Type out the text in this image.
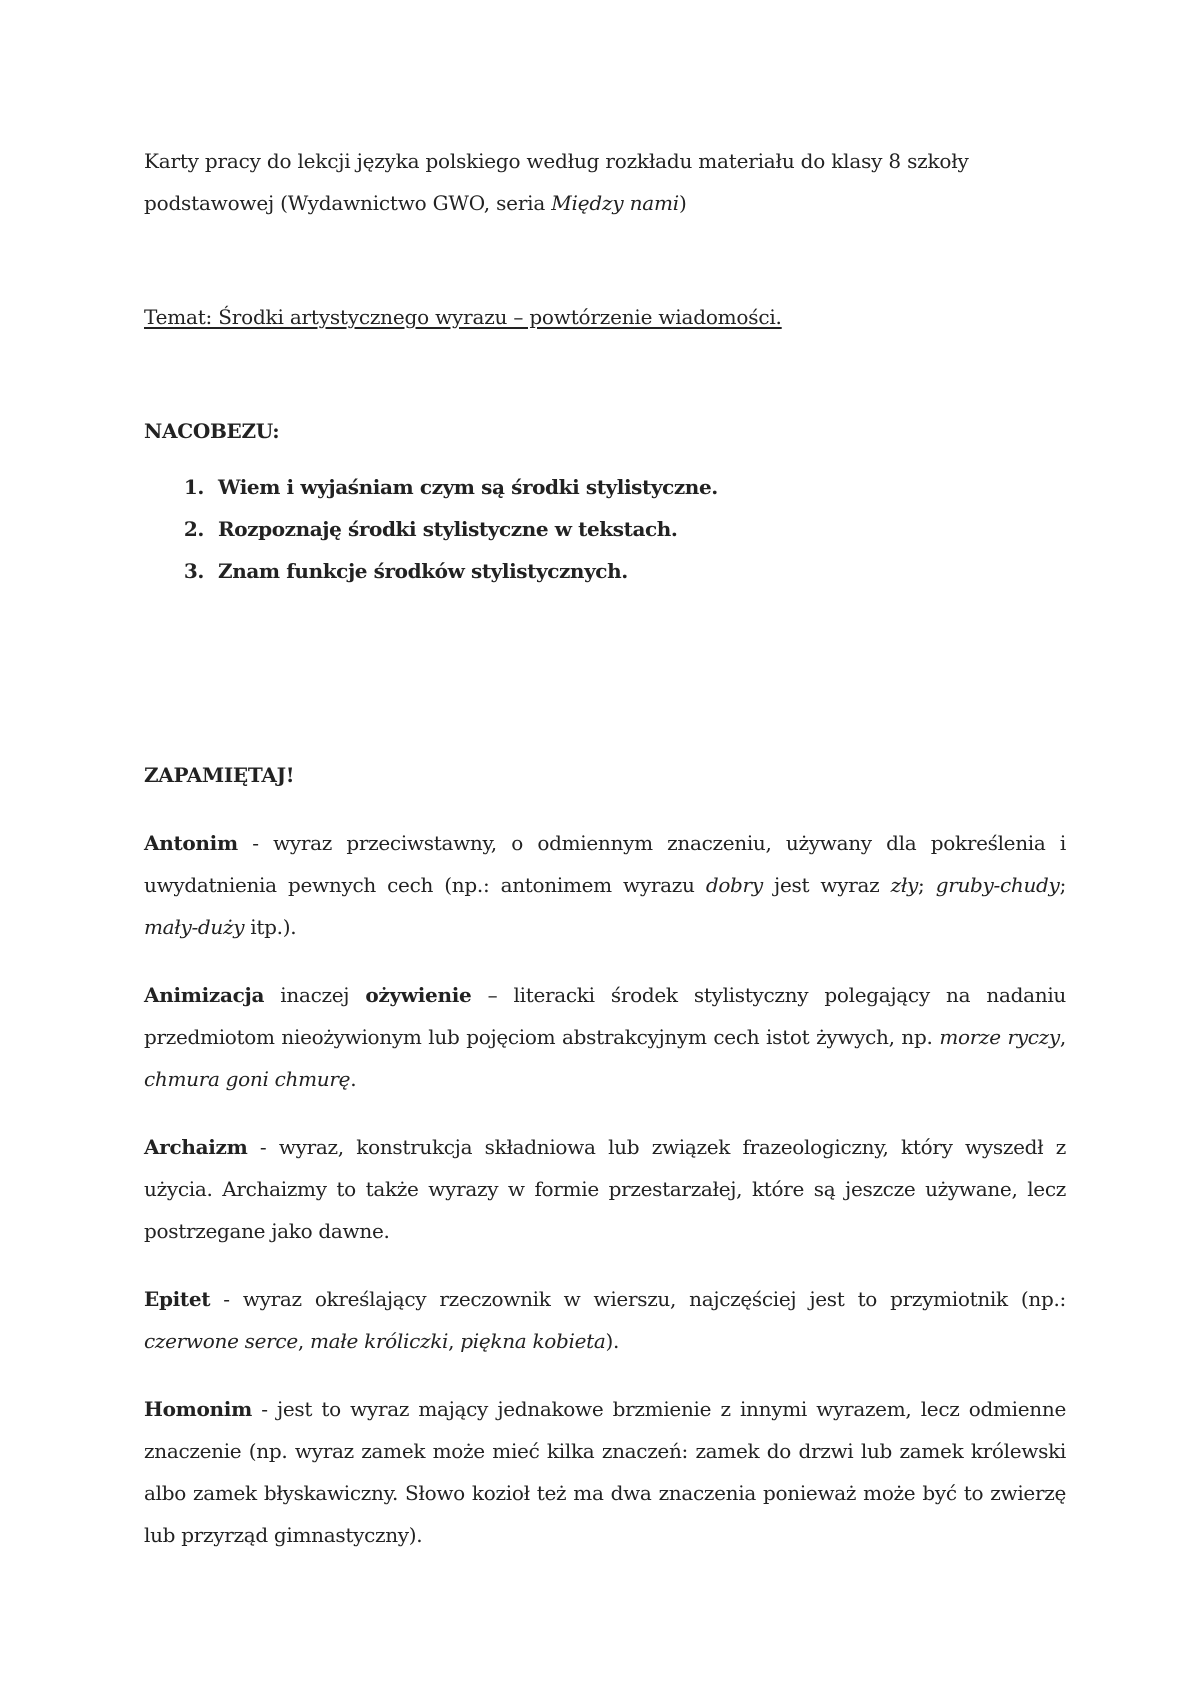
Karty pracy do lekcji języka polskiego według rozkładu materiału do klasy 8 szkoły podstawowej (Wydawnictwo GWO, seria Między nami)

Temat: Środki artystycznego wyrazu – powtórzenie wiadomości.

NACOBEZU:

1. Wiem i wyjaśniam czym są środki stylistyczne.
2. Rozpoznaję środki stylistyczne w tekstach.
3. Znam funkcje środków stylistycznych.

ZAPAMIĘTAJ!

Antonim - wyraz przeciwstawny, o odmiennym znaczeniu, używany dla pokreślenia i uwydatnienia pewnych cech (np.: antonimem wyrazu dobry jest wyraz zły; gruby-chudy; mały-duży itp.).

Animizacja inaczej ożywienie – literacki środek stylistyczny polegający na nadaniu przedmiotom nieożywionym lub pojęciom abstrakcyjnym cech istot żywych, np. morze ryczy, chmura goni chmurę.

Archaizm - wyraz, konstrukcja składniowa lub związek frazeologiczny, który wyszedł z użycia. Archaizmy to także wyrazy w formie przestarzałej, które są jeszcze używane, lecz postrzegane jako dawne.

Epitet - wyraz określający rzeczownik w wierszu, najczęściej jest to przymiotnik (np.: czerwone serce, małe króliczki, piękna kobieta).

Homonim - jest to wyraz mający jednakowe brzmienie z innymi wyrazem, lecz odmienne znaczenie (np. wyraz zamek może mieć kilka znaczeń: zamek do drzwi lub zamek królewski albo zamek błyskawiczny. Słowo kozioł też ma dwa znaczenia ponieważ może być to zwierzę lub przyrząd gimnastyczny).
